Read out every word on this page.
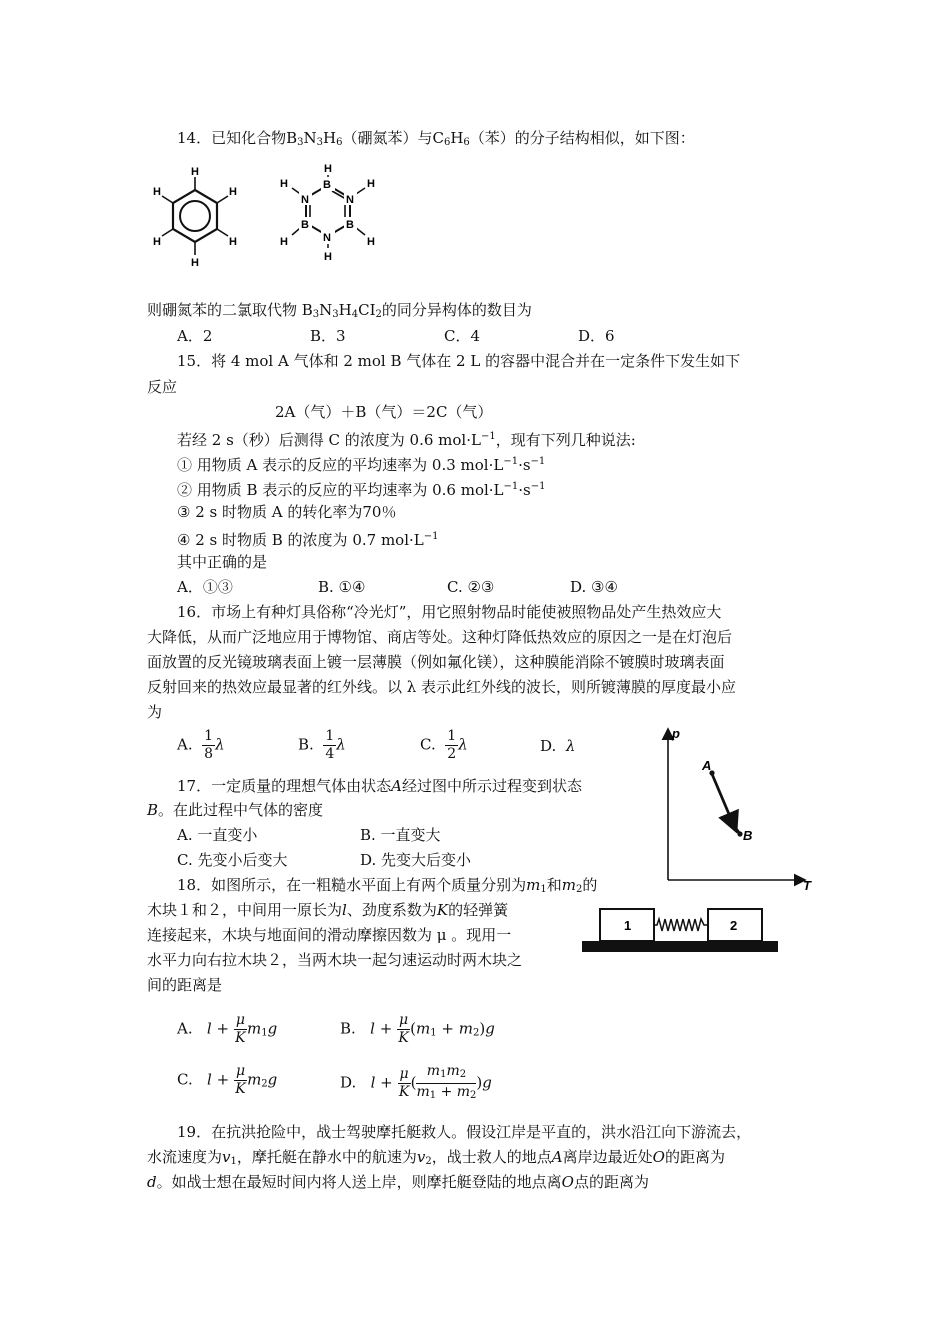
14．已知化合物$B_3N_3H_6$（硼氮苯）与$C_6H_6$（苯）的分子结构相似，如下图：
H
H
H
H
H
H
B
N
B
N
B
N
H
H
H
H
H
H
则硼氮苯的二氯取代物 $B_3N_3H_4CI_2$的同分异构体的数目为
A．2	B．3	C．4	D．6
15．将 4 mol A 气体和 2 mol B 气体在 2 L 的容器中混合并在一定条件下发生如下
反应
2A（气）＋B（气）＝2C（气）
若经 2 s（秒）后测得 C 的浓度为 0.6 $mol\cdot L^{-1}$，现有下列几种说法:
① 用物质 A 表示的反应的平均速率为 0.3 $mol\cdot L^{-1}\cdot s^{-1}$
② 用物质 B 表示的反应的平均速率为 0.6 $mol\cdot L^{-1}\cdot s^{-1}$
③ 2 s 时物质 A 的转化率为70％
④ 2 s 时物质 B 的浓度为 0.7 $mol\cdot L^{-1}$
其中正确的是
A．①③	B. ①④	C. ②③	D. ③④
16．市场上有种灯具俗称“冷光灯”，用它照射物品时能使被照物品处产生热效应大
大降低，从而广泛地应用于博物馆、商店等处。这种灯降低热效应的原因之一是在灯泡后
面放置的反光镜玻璃表面上镀一层薄膜（例如氟化镁），这种膜能消除不镀膜时玻璃表面
反射回来的热效应最显著的红外线。以 λ 表示此红外线的波长，则所镀薄膜的厚度最小应
为
A. $\frac{1}{8}$ λ	B. $\frac{1}{4}$ λ	C. $\frac{1}{2}$ λ	D. λ
p
T
A
B
17．一定质量的理想气体由状态A经过图中所示过程变到状态
B。在此过程中气体的密度
A. 一直变小	B. 一直变大
C. 先变小后变大	D. 先变大后变小
18．如图所示，在一粗糙水平面上有两个质量分别为$m_1$和$m_2$的
木块１和２，中间用一原长为l、劲度系数为K的轻弹簧
连接起来，木块与地面间的滑动摩擦因数为 μ 。现用一
水平力向右拉木块２，当两木块一起匀速运动时两木块之
间的距离是
1	2
A. $l + \frac{\mu}{K} m_1g$	B. $l + \frac{\mu}{K} (m_1 + m_2)g$
C. $l + \frac{\mu}{K} m_2g$	D. $l + \frac{\mu}{K}$ ( $\frac{m_1m_2}{m_1 + m_2} )g$
19．在抗洪抢险中，战士驾驶摩托艇救人。假设江岸是平直的，洪水沿江向下游流去，
水流速度为$v_1$，摩托艇在静水中的航速为$v_2$，战士救人的地点A离岸边最近处O的距离为
d。如战士想在最短时间内将人送上岸，则摩托艇登陆的地点离O点的距离为
